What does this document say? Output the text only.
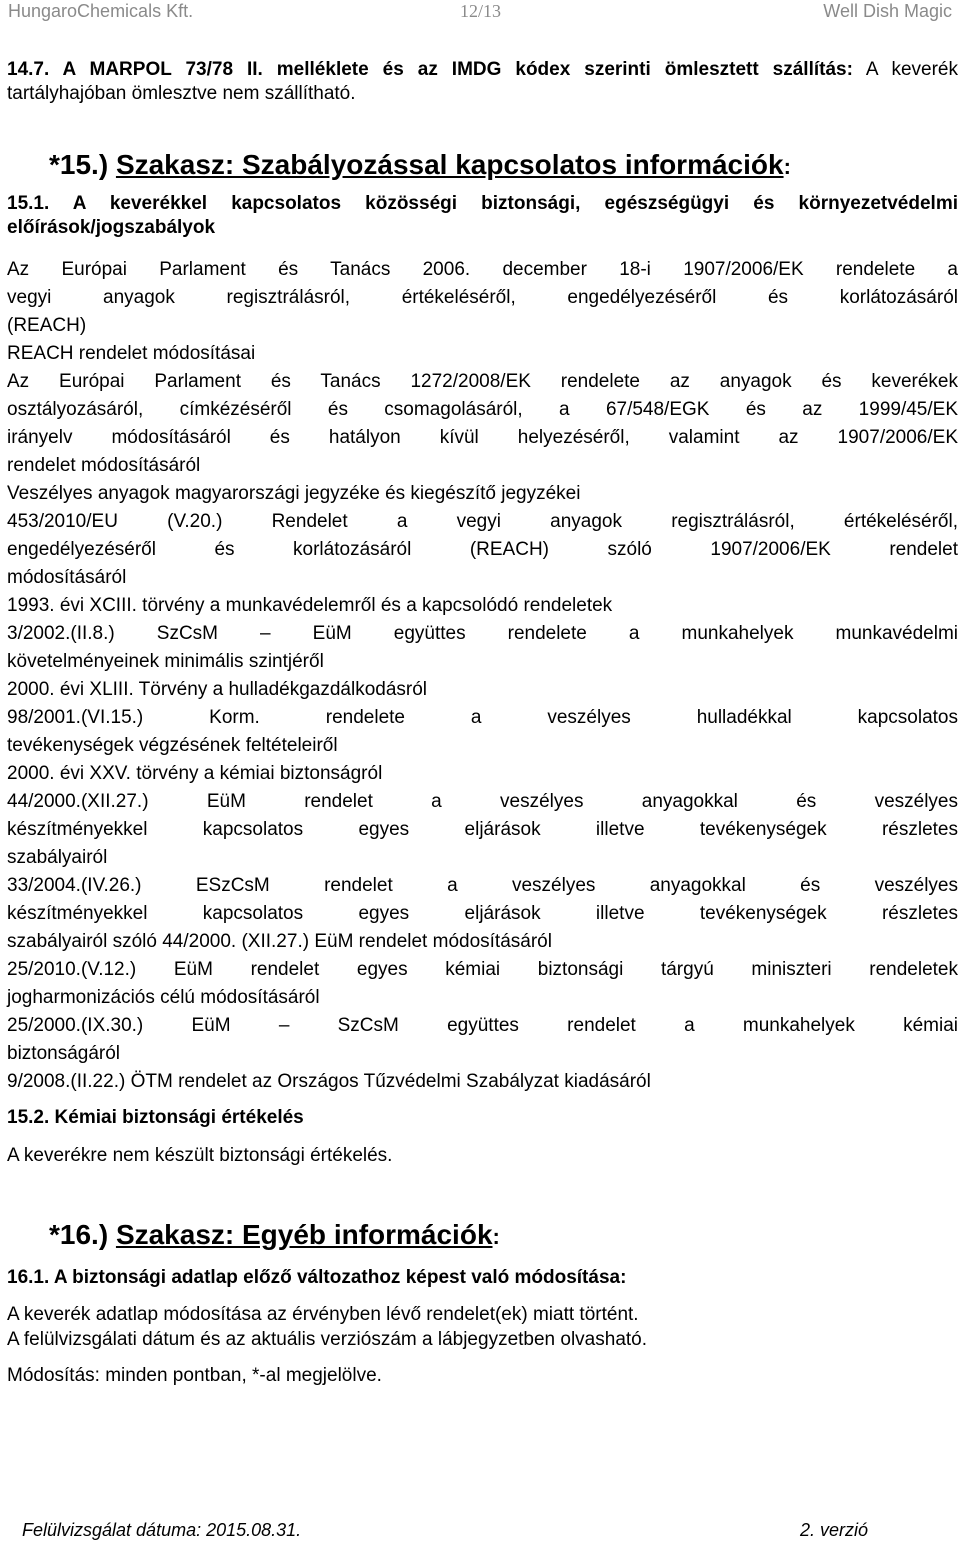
HungaroChemicals Kft.	12/13	Well Dish Magic

14.7. A MARPOL 73/78 II. melléklete és az IMDG kódex szerinti ömlesztett szállítás: A keverék tartályhajóban ömlesztve nem szállítható.

*15.) Szakasz: Szabályozással kapcsolatos információk:

15.1. A keverékkel kapcsolatos közösségi biztonsági, egészségügyi és környezetvédelmi előírások/jogszabályok

Az Európai Parlament és Tanács 2006. december 18-i 1907/2006/EK rendelete a
vegyi anyagok regisztrálásról, értékeléséről, engedélyezéséről és korlátozásáról
(REACH)
REACH rendelet módosításai
Az Európai Parlament és Tanács 1272/2008/EK rendelete az anyagok és keverékek
osztályozásáról, címkézéséről és csomagolásáról, a 67/548/EGK és az 1999/45/EK
irányelv módosításáról és hatályon kívül helyezéséről, valamint az 1907/2006/EK
rendelet módosításáról
Veszélyes anyagok magyarországi jegyzéke és kiegészítő jegyzékei
453/2010/EU (V.20.) Rendelet a vegyi anyagok regisztrálásról, értékeléséről,
engedélyezéséről és korlátozásáról (REACH) szóló 1907/2006/EK rendelet
módosításáról
1993. évi XCIII. törvény a munkavédelemről és a kapcsolódó rendeletek
3/2002.(II.8.) SzCsM – EüM együttes rendelete a munkahelyek munkavédelmi
követelményeinek minimális szintjéről
2000. évi XLIII. Törvény a hulladékgazdálkodásról
98/2001.(VI.15.) Korm. rendelete a veszélyes hulladékkal kapcsolatos
tevékenységek végzésének feltételeiről
2000. évi XXV. törvény a kémiai biztonságról
44/2000.(XII.27.) EüM rendelet a veszélyes anyagokkal és veszélyes
készítményekkel kapcsolatos egyes eljárások illetve tevékenységek részletes
szabályairól
33/2004.(IV.26.) ESzCsM rendelet a veszélyes anyagokkal és veszélyes
készítményekkel kapcsolatos egyes eljárások illetve tevékenységek részletes
szabályairól szóló 44/2000. (XII.27.) EüM rendelet módosításáról
25/2010.(V.12.) EüM rendelet egyes kémiai biztonsági tárgyú miniszteri rendeletek
jogharmonizációs célú módosításáról
25/2000.(IX.30.) EüM – SzCsM együttes rendelet a munkahelyek kémiai
biztonságáról
9/2008.(II.22.) ÖTM rendelet az Országos Tűzvédelmi Szabályzat kiadásáról

15.2. Kémiai biztonsági értékelés

A keverékre nem készült biztonsági értékelés.

*16.) Szakasz: Egyéb információk:

16.1. A biztonsági adatlap előző változathoz képest való módosítása:

A keverék adatlap módosítása az érvényben lévő rendelet(ek) miatt történt.

A felülvizsgálati dátum és az aktuális verziószám a lábjegyzetben olvasható.

Módosítás: minden pontban, *-al megjelölve.

Felülvizsgálat dátuma: 2015.08.31.	2. verzió
